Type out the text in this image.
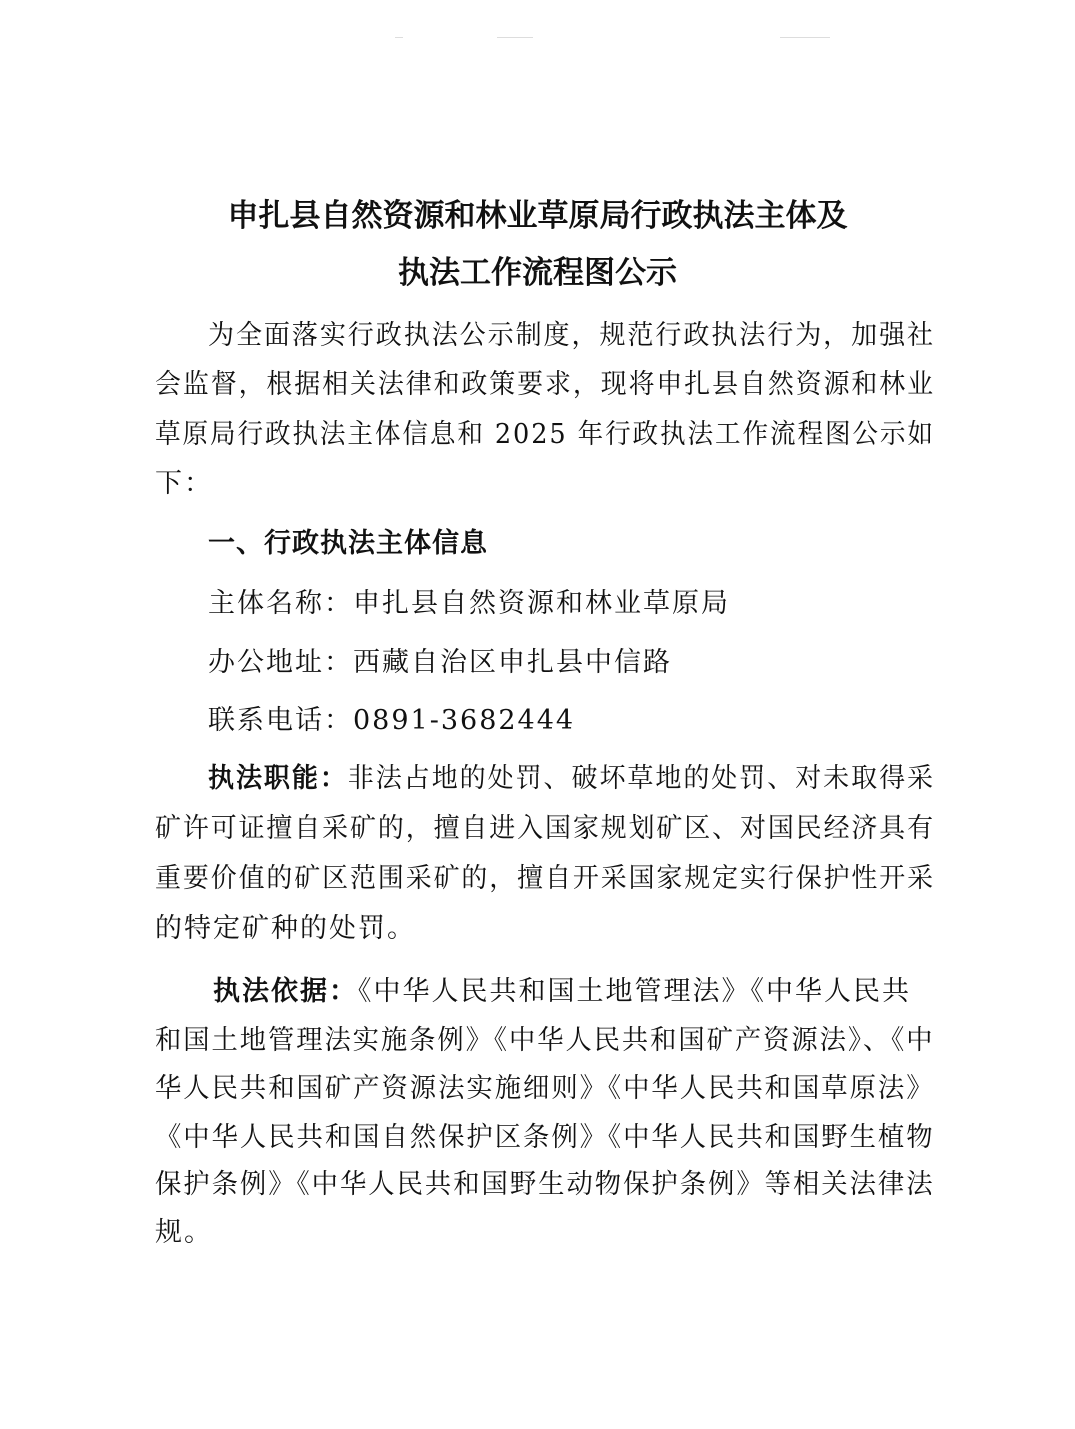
申扎县自然资源和林业草原局行政执法主体及
执法工作流程图公示
为全面落实行政执法公示制度，规范行政执法行为，加强社
会监督，根据相关法律和政策要求，现将申扎县自然资源和林业
草原局行政执法主体信息和 2025 年行政执法工作流程图公示如
下：
一、行政执法主体信息
主体名称：申扎县自然资源和林业草原局
办公地址：西藏自治区申扎县中信路
联系电话：0891-3682444
执法职能：非法占地的处罚、破坏草地的处罚、对未取得采
矿许可证擅自采矿的，擅自进入国家规划矿区、对国民经济具有
重要价值的矿区范围采矿的，擅自开采国家规定实行保护性开采
的特定矿种的处罚。
执法依据：《中华人民共和国土地管理法》《中华人民共
和国土地管理法实施条例》《中华人民共和国矿产资源法》、《中
华人民共和国矿产资源法实施细则》《中华人民共和国草原法》
《中华人民共和国自然保护区条例》《中华人民共和国野生植物
保护条例》《中华人民共和国野生动物保护条例》等相关法律法
规。
